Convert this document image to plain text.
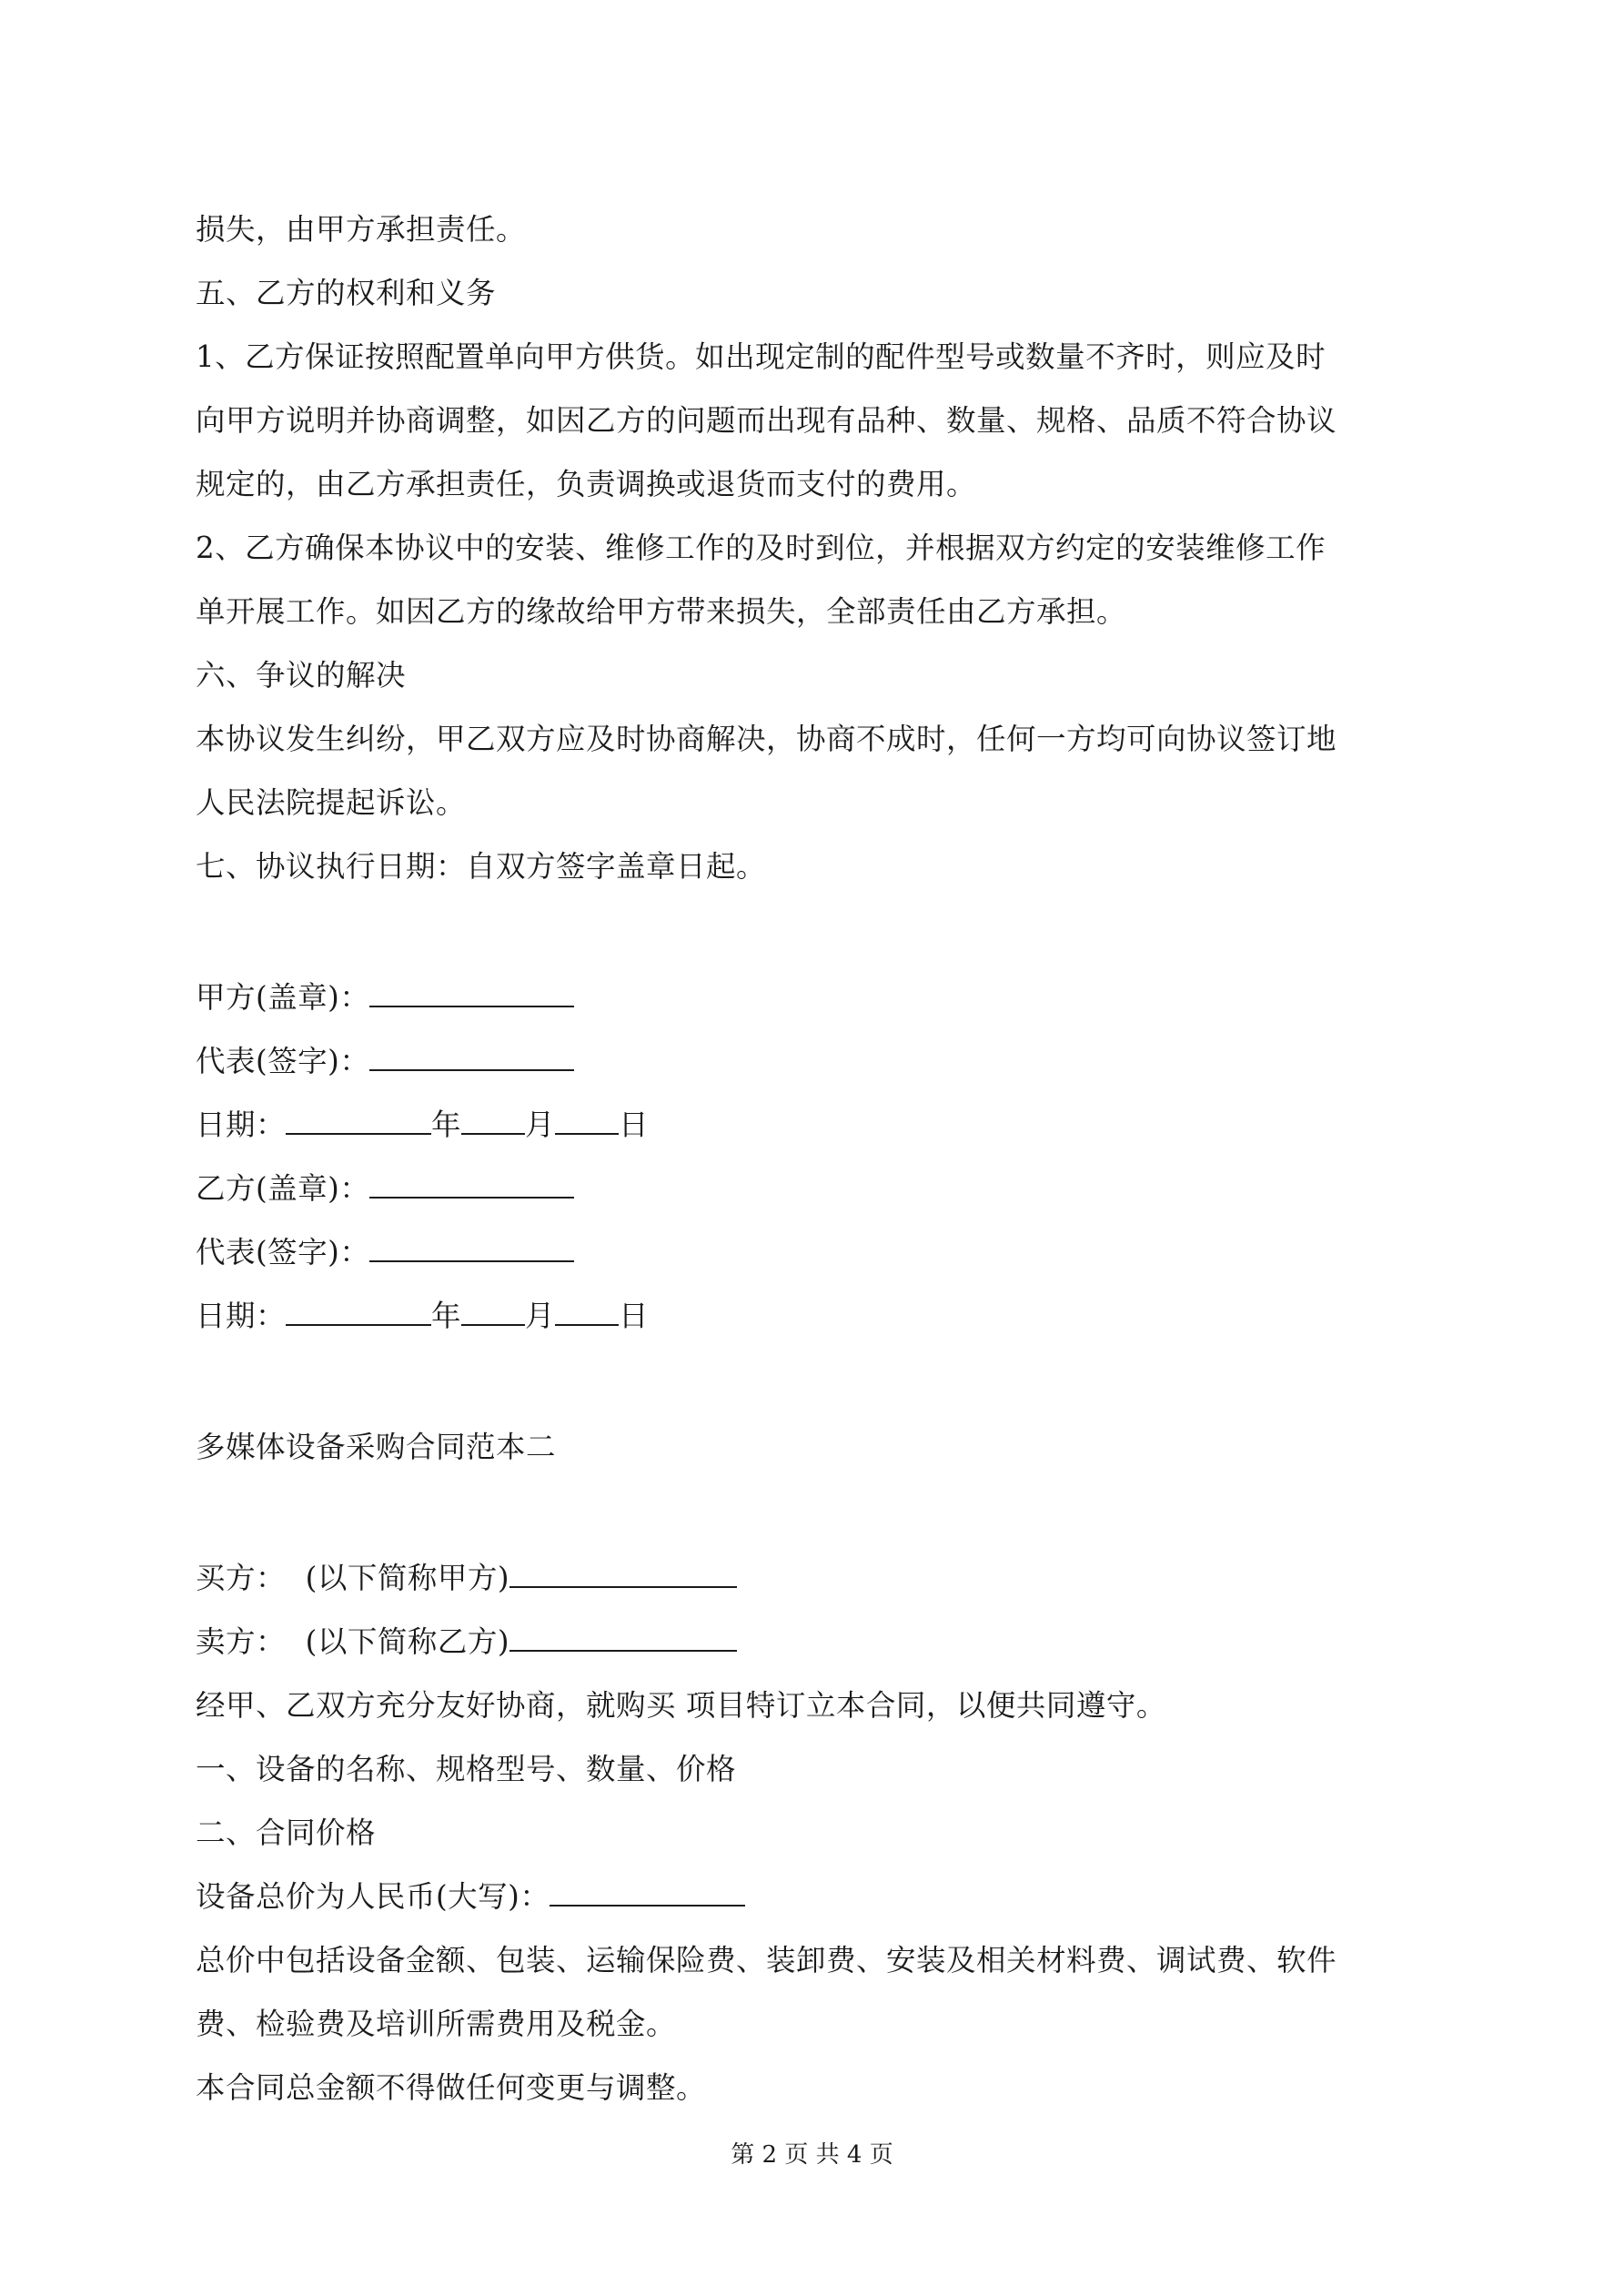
损失，由甲方承担责任。

五、乙方的权利和义务

1、乙方保证按照配置单向甲方供货。如出现定制的配件型号或数量不齐时，则应及时

向甲方说明并协商调整，如因乙方的问题而出现有品种、数量、规格、品质不符合协议

规定的，由乙方承担责任，负责调换或退货而支付的费用。

2、乙方确保本协议中的安装、维修工作的及时到位，并根据双方约定的安装维修工作

单开展工作。如因乙方的缘故给甲方带来损失，全部责任由乙方承担。

六、争议的解决

本协议发生纠纷，甲乙双方应及时协商解决，协商不成时，任何一方均可向协议签订地

人民法院提起诉讼。

七、协议执行日期：自双方签字盖章日起。

甲方(盖章)：

代表(签字)：

日期：	年 月 日

乙方(盖章)：

代表(签字)：

日期：	年 月 日

多媒体设备采购合同范本二

买方：  (以下简称甲方)

卖方：  (以下简称乙方)

经甲、乙双方充分友好协商，就购买 项目特订立本合同，以便共同遵守。

一、设备的名称、规格型号、数量、价格

二、合同价格

设备总价为人民币(大写)：

总价中包括设备金额、包装、运输保险费、装卸费、安装及相关材料费、调试费、软件

费、检验费及培训所需费用及税金。

本合同总金额不得做任何变更与调整。

第 2 页 共 4 页
